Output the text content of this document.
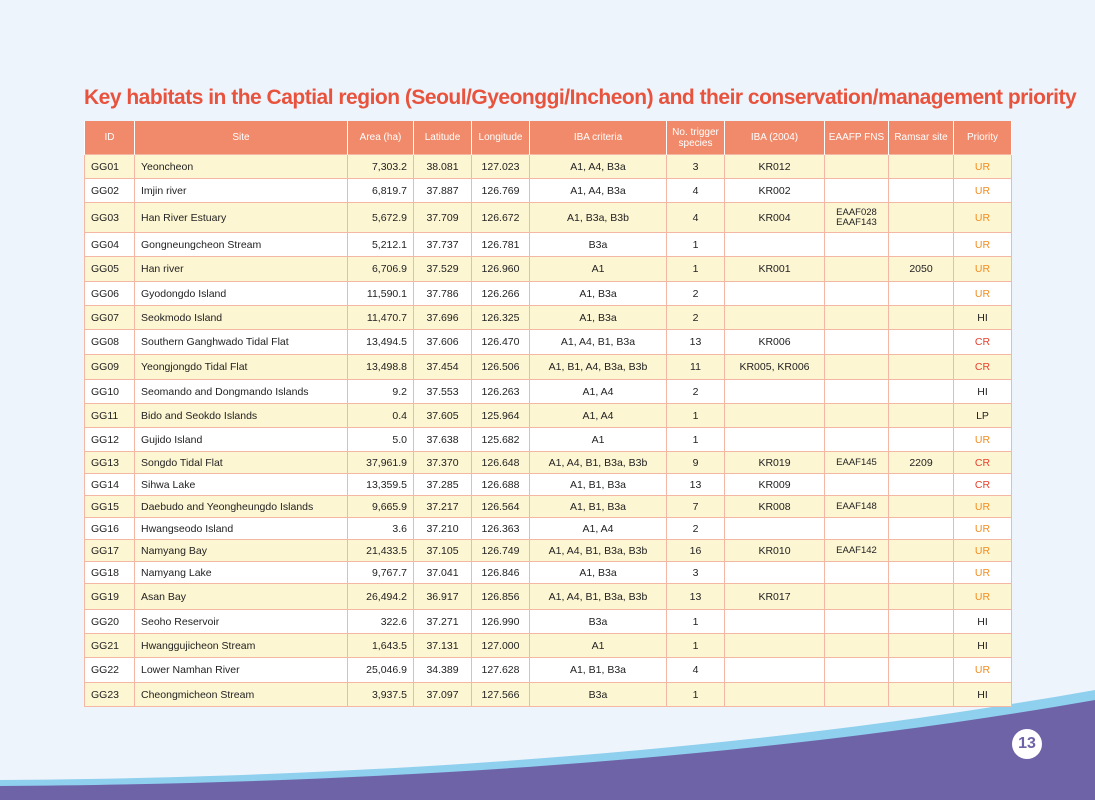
Key habitats in the Captial region (Seoul/Gyeonggi/Incheon) and their conservation/management priority
ID	Site	Area (ha)	Latitude	Longitude	IBA criteria	No. trigger species	IBA (2004)	EAAFP FNS	Ramsar site	Priority
GG01	Yeoncheon	7,303.2	38.081	127.023	A1, A4, B3a	3	KR012			UR
GG02	Imjin river	6,819.7	37.887	126.769	A1, A4, B3a	4	KR002			UR
GG03	Han River Estuary	5,672.9	37.709	126.672	A1, B3a, B3b	4	KR004	EAAF028 EAAF143		UR
GG04	Gongneungcheon Stream	5,212.1	37.737	126.781	B3a	1				UR
GG05	Han river	6,706.9	37.529	126.960	A1	1	KR001		2050	UR
GG06	Gyodongdo Island	11,590.1	37.786	126.266	A1, B3a	2				UR
GG07	Seokmodo Island	11,470.7	37.696	126.325	A1, B3a	2				HI
GG08	Southern Ganghwado Tidal Flat	13,494.5	37.606	126.470	A1, A4, B1, B3a	13	KR006			CR
GG09	Yeongjongdo Tidal Flat	13,498.8	37.454	126.506	A1, B1, A4, B3a, B3b	11	KR005, KR006			CR
GG10	Seomando and Dongmando Islands	9.2	37.553	126.263	A1, A4	2				HI
GG11	Bido and Seokdo Islands	0.4	37.605	125.964	A1, A4	1				LP
GG12	Gujido Island	5.0	37.638	125.682	A1	1				UR
GG13	Songdo Tidal Flat	37,961.9	37.370	126.648	A1, A4, B1, B3a, B3b	9	KR019	EAAF145	2209	CR
GG14	Sihwa Lake	13,359.5	37.285	126.688	A1, B1, B3a	13	KR009			CR
GG15	Daebudo and Yeongheungdo Islands	9,665.9	37.217	126.564	A1, B1, B3a	7	KR008	EAAF148		UR
GG16	Hwangseodo Island	3.6	37.210	126.363	A1, A4	2				UR
GG17	Namyang Bay	21,433.5	37.105	126.749	A1, A4, B1, B3a, B3b	16	KR010	EAAF142		UR
GG18	Namyang Lake	9,767.7	37.041	126.846	A1, B3a	3				UR
GG19	Asan Bay	26,494.2	36.917	126.856	A1, A4, B1, B3a, B3b	13	KR017			UR
GG20	Seoho Reservoir	322.6	37.271	126.990	B3a	1				HI
GG21	Hwanggujicheon Stream	1,643.5	37.131	127.000	A1	1				HI
GG22	Lower Namhan River	25,046.9	34.389	127.628	A1, B1, B3a	4				UR
GG23	Cheongmicheon Stream	3,937.5	37.097	127.566	B3a	1				HI
13
